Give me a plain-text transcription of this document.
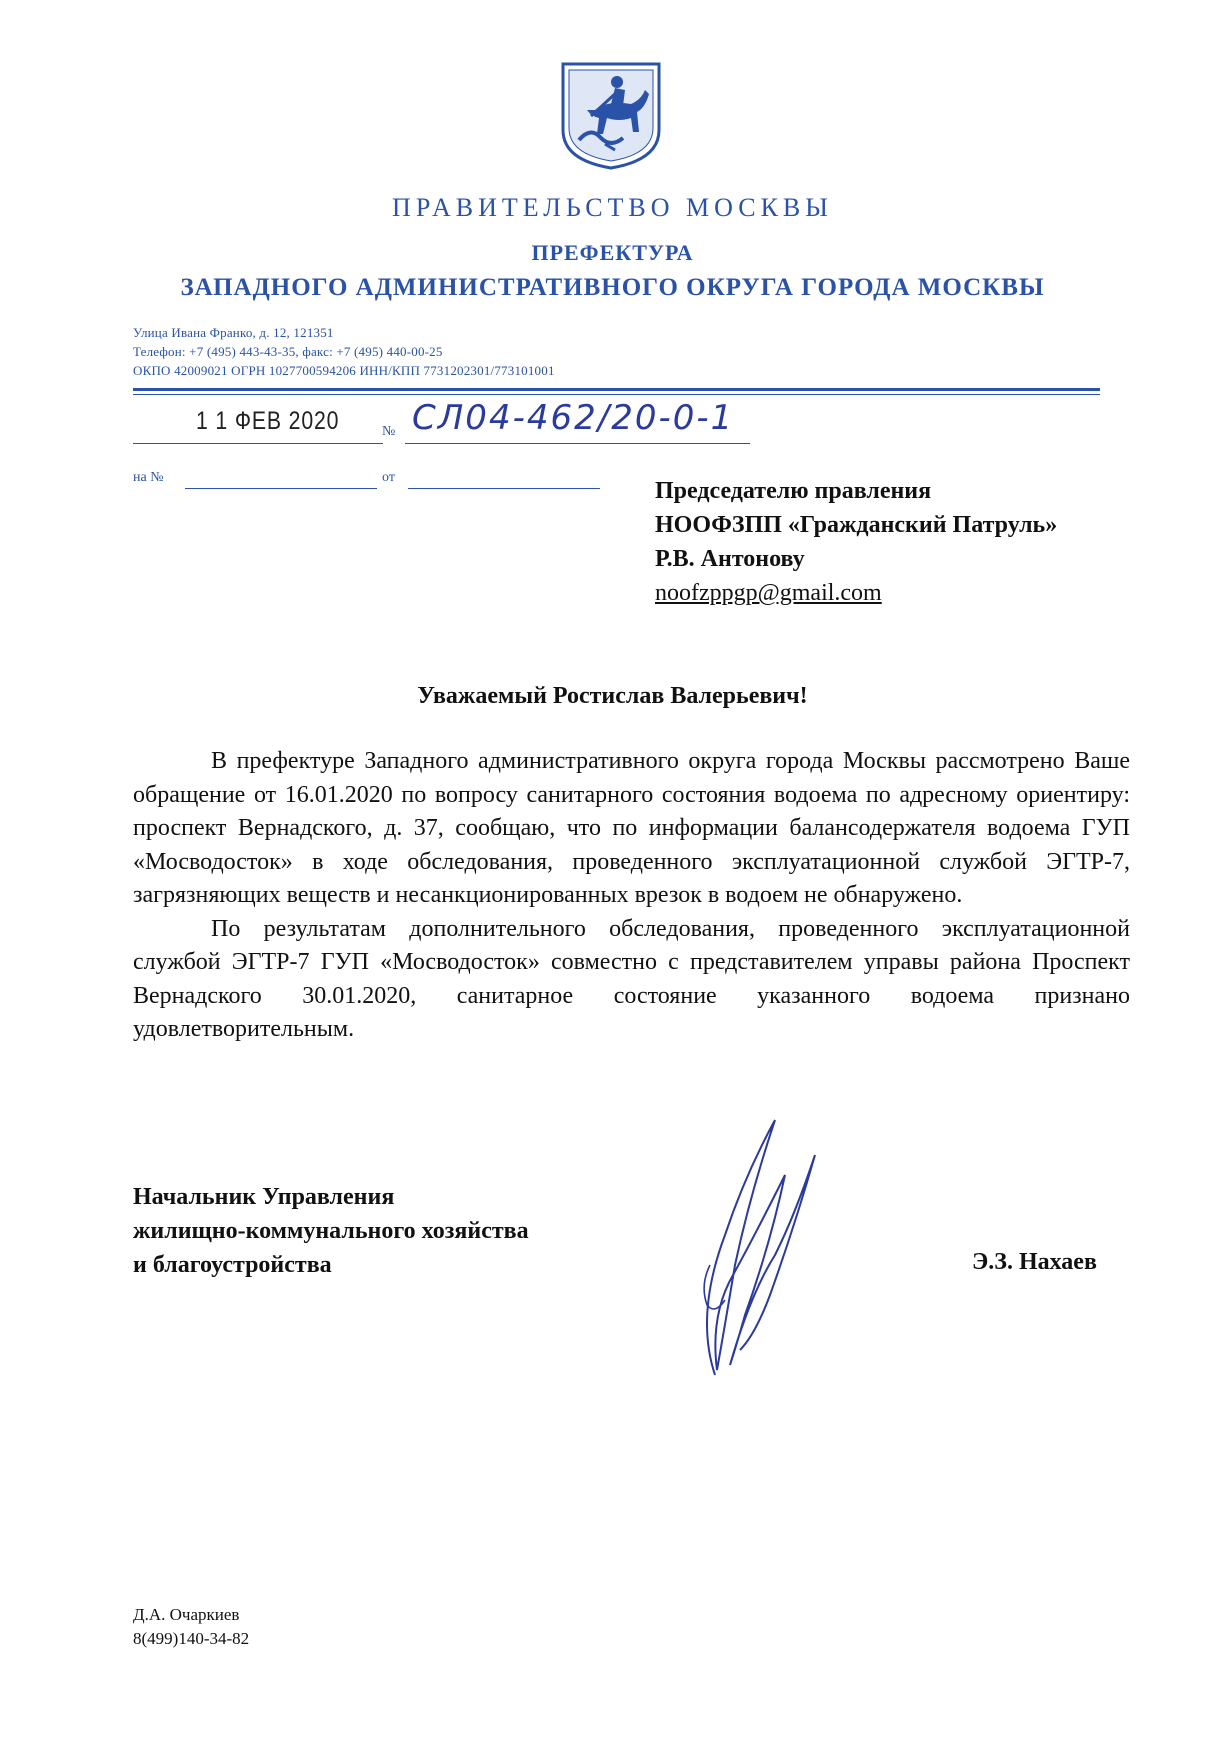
ПРАВИТЕЛЬСТВО МОСКВЫ
ПРЕФЕКТУРА
ЗАПАДНОГО АДМИНИСТРАТИВНОГО ОКРУГА ГОРОДА МОСКВЫ
Улица Ивана Франко, д. 12, 121351
Телефон: +7 (495) 443-43-35, факс: +7 (495) 440-00-25
ОКПО 42009021 ОГРН 1027700594206 ИНН/КПП 7731202301/773101001
1 1 ФЕВ 2020	№ СЛ04-462/20-0-1
на №	от
Председателю правления
НООФЗПП «Гражданский Патруль»
Р.В. Антонову
noofzppgp@gmail.com
Уважаемый Ростислав Валерьевич!

В префектуре Западного административного округа города Москвы рассмотрено Ваше обращение от 16.01.2020 по вопросу санитарного состояния водоема по адресному ориентиру: проспект Вернадского, д. 37, сообщаю, что по информации балансодержателя водоема ГУП «Мосводосток» в ходе обследования, проведенного эксплуатационной службой ЭГТР-7, загрязняющих веществ и несанкционированных врезок в водоем не обнаружено.

По результатам дополнительного обследования, проведенного эксплуатационной службой ЭГТР-7 ГУП «Мосводосток» совместно с представителем управы района Проспект Вернадского 30.01.2020, санитарное состояние указанного водоема признано удовлетворительным.

Начальник Управления
жилищно-коммунального хозяйства
и благоустройства	Э.З. Нахаев
Д.А. Очаркиев
8(499)140-34-82
